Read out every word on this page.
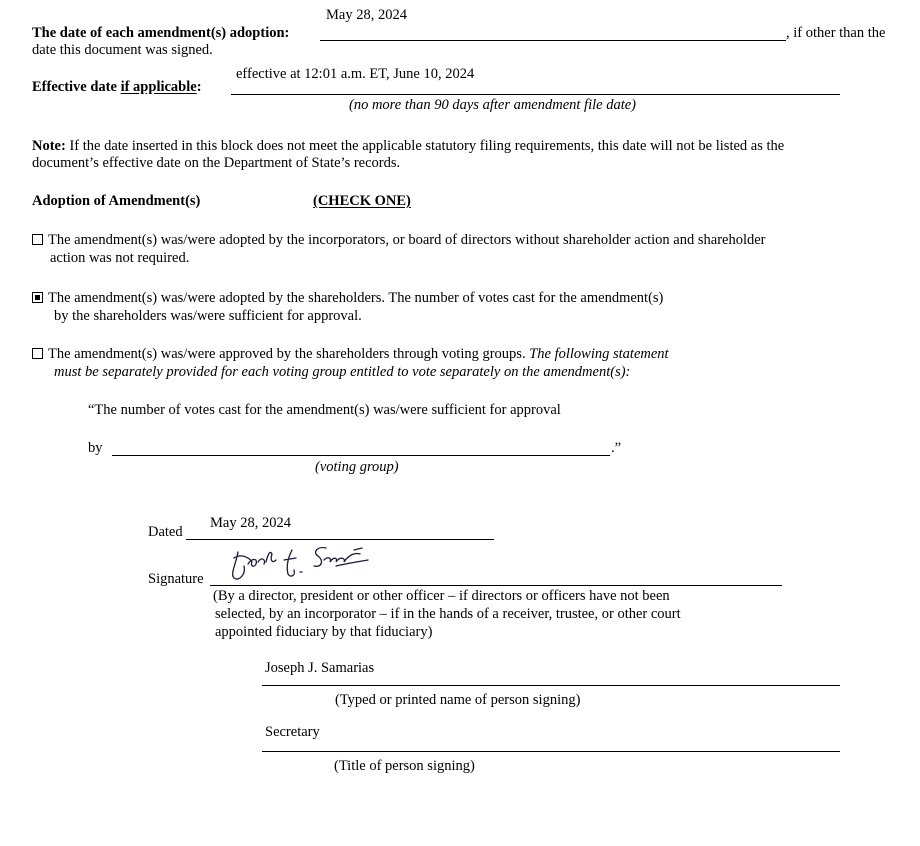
May 28, 2024
The date of each amendment(s) adoption:	, if other than the
date this document was signed.
effective at 12:01 a.m. ET, June 10, 2024
Effective date if applicable:
(no more than 90 days after amendment file date)
Note: If the date inserted in this block does not meet the applicable statutory filing requirements, this date will not be listed as the
document’s effective date on the Department of State’s records.
Adoption of Amendment(s)	(CHECK ONE)
The amendment(s) was/were adopted by the incorporators, or board of directors without shareholder action and shareholder
action was not required.
The amendment(s) was/were adopted by the shareholders. The number of votes cast for the amendment(s)
by the shareholders was/were sufficient for approval.
The amendment(s) was/were approved by the shareholders through voting groups. The following statement
must be separately provided for each voting group entitled to vote separately on the amendment(s):
“The number of votes cast for the amendment(s) was/were sufficient for approval
by	.”
(voting group)
Dated
May 28, 2024
Signature
(By a director, president or other officer – if directors or officers have not been
selected, by an incorporator – if in the hands of a receiver, trustee, or other court
appointed fiduciary by that fiduciary)
Joseph J. Samarias
(Typed or printed name of person signing)
Secretary
(Title of person signing)
